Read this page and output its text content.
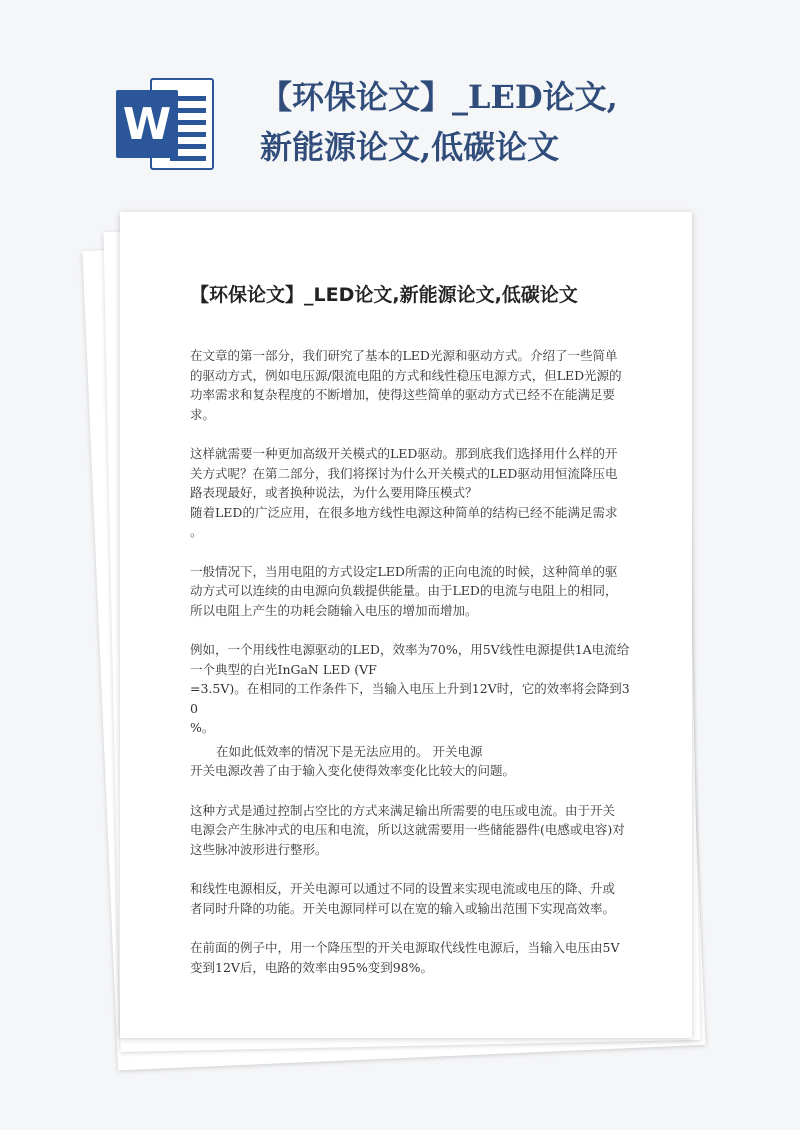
W
【环保论文】_LED论文,
新能源论文,低碳论文
【环保论文】_LED论文,新能源论文,低碳论文

在文章的第一部分，我们研究了基本的LED光源和驱动方式。介绍了一些简单
的驱动方式，例如电压源/限流电阻的方式和线性稳压电源方式，但LED光源的
功率需求和复杂程度的不断增加，使得这些简单的驱动方式已经不在能满足要
求。

这样就需要一种更加高级开关模式的LED驱动。那到底我们选择用什么样的开
关方式呢？在第二部分，我们将探讨为什么开关模式的LED驱动用恒流降压电
路表现最好，或者换种说法，为什么要用降压模式？
随着LED的广泛应用，在很多地方线性电源这种简单的结构已经不能满足需求
。

一般情况下，当用电阻的方式设定LED所需的正向电流的时候，这种简单的驱
动方式可以连续的由电源向负载提供能量。由于LED的电流与电阻上的相同，
所以电阻上产生的功耗会随输入电压的增加而增加。

例如，一个用线性电源驱动的LED，效率为70%，用5V线性电源提供1A电流给
一个典型的白光InGaN LED (VF
=3.5V)。在相同的工作条件下，当输入电压上升到12V时，它的效率将会降到30
%。

在如此低效率的情况下是无法应用的。 开关电源

开关电源改善了由于输入变化使得效率变化比较大的问题。

这种方式是通过控制占空比的方式来满足输出所需要的电压或电流。由于开关
电源会产生脉冲式的电压和电流，所以这就需要用一些储能器件(电感或电容)对
这些脉冲波形进行整形。

和线性电源相反，开关电源可以通过不同的设置来实现电流或电压的降、升或
者同时升降的功能。开关电源同样可以在宽的输入或输出范围下实现高效率。

在前面的例子中，用一个降压型的开关电源取代线性电源后，当输入电压由5V
变到12V后，电路的效率由95%变到98%。
